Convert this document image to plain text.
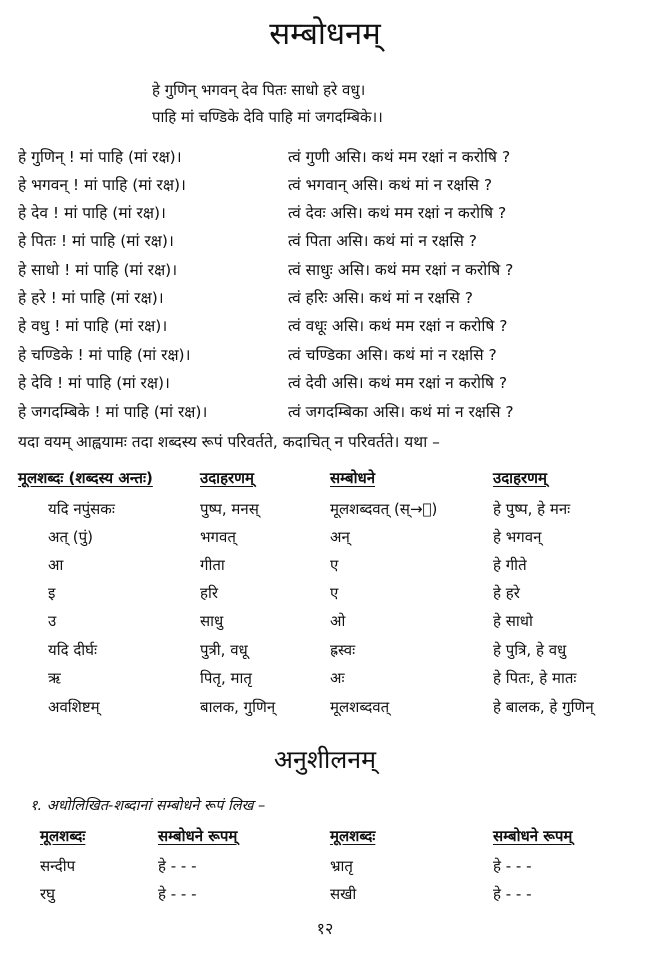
सम्बोधनम्
हे गुणिन् भगवन् देव पितः साधो हरे वधु।
पाहि मां चण्डिके देवि पाहि मां जगदम्बिके।।
हे गुणिन् ! मां पाहि (मां रक्ष)।	त्वं गुणी असि। कथं मम रक्षां न करोषि ?
हे भगवन् ! मां पाहि (मां रक्ष)।	त्वं भगवान् असि। कथं मां न रक्षसि ?
हे देव ! मां पाहि (मां रक्ष)।	त्वं देवः असि। कथं मम रक्षां न करोषि ?
हे पितः ! मां पाहि (मां रक्ष)।	त्वं पिता असि। कथं मां न रक्षसि ?
हे साधो ! मां पाहि (मां रक्ष)।	त्वं साधुः असि। कथं मम रक्षां न करोषि ?
हे हरे ! मां पाहि (मां रक्ष)।	त्वं हरिः असि। कथं मां न रक्षसि ?
हे वधु ! मां पाहि (मां रक्ष)।	त्वं वधूः असि। कथं मम रक्षां न करोषि ?
हे चण्डिके ! मां पाहि (मां रक्ष)।	त्वं चण्डिका असि। कथं मां न रक्षसि ?
हे देवि ! मां पाहि (मां रक्ष)।	त्वं देवी असि। कथं मम रक्षां न करोषि ?
हे जगदम्बिके ! मां पाहि (मां रक्ष)।	त्वं जगदम्बिका असि। कथं मां न रक्षसि ?
यदा वयम् आह्वयामः तदा शब्दस्य रूपं परिवर्तते, कदाचित् न परिवर्तते। यथा –
मूलशब्दः (शब्दस्य अन्तः)	उदाहरणम्	सम्बोधने	उदाहरणम्
यदि नपुंसकः	पुष्प, मनस्	मूलशब्दवत् (स्→ः)	हे पुष्प, हे मनः
अत् (पुं)	भगवत्	अन्	हे भगवन्
आ	गीता	ए	हे गीते
इ	हरि	ए	हे हरे
उ	साधु	ओ	हे साधो
यदि दीर्घः	पुत्री, वधू	ह्रस्वः	हे पुत्रि, हे वधु
ऋ	पितृ, मातृ	अः	हे पितः, हे मातः
अवशिष्टम्	बालक, गुणिन्	मूलशब्दवत्	हे बालक, हे गुणिन्
अनुशीलनम्
१. अधोलिखित-शब्दानां सम्बोधने रूपं लिख –
मूलशब्दः	सम्बोधने रूपम्	मूलशब्दः	सम्बोधने रूपम्
सन्दीप	हे - - -	भ्रातृ	हे - - -
रघु	हे - - -	सखी	हे - - -
१२
